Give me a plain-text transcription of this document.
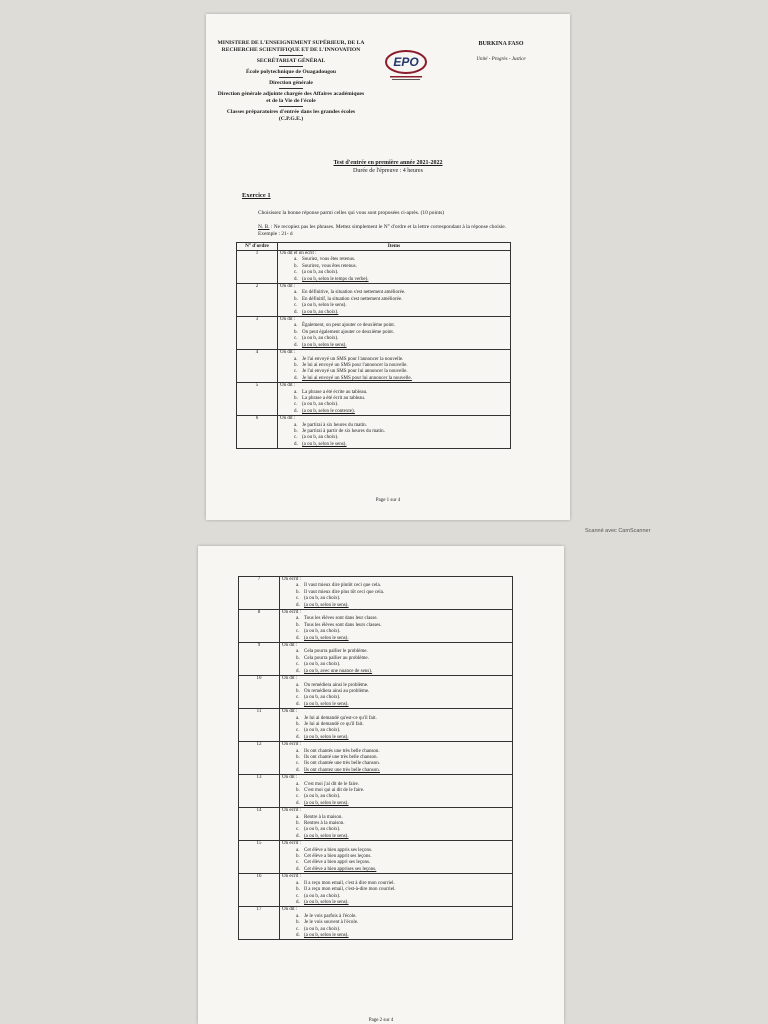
MINISTERE DE L'ENSEIGNEMENT SUPÉRIEUR, DE LA
RECHERCHE SCIENTIFIQUE ET DE L'INNOVATION
SECRÉTARIAT GÉNÉRAL
École polytechnique de Ouagadougou
Direction générale
Direction générale adjointe chargée des Affaires académiques
et de la Vie de l'école
Classes préparatoires d'entrée dans les grandes écoles
(C.P.G.E.)
EPO
BURKINA FASO
Unité - Progrès - Justice
Test d'entrée en première année 2021-2022
Durée de l'épreuve : 4 heures
Exercice 1
Choisissez la bonne réponse parmi celles qui vous sont proposées ci-après. (10 points)
N. B. : Ne recopiez pas les phrases. Mettez simplement le N° d'ordre et la lettre correspondant à la réponse choisie. Exemple : 21- d
N° d'ordre	Items
1	On dit et on écrit :
a. Souriez, vous êtes retenus.
b. Sourirez, vous êtes retenus.
c. (a ou b, au choix).
d. (a ou b, selon le temps du verbe).

2	On dit :
a. En définitive, la situation s'est nettement améliorée.
b. En définitif, la situation s'est nettement améliorée.
c. (a ou b, selon le sens).
d. (a ou b, au choix).

3	On dit :
a. Également, on peut ajouter ce deuxième point.
b. On peut également ajouter ce deuxième point.
c. (a ou b, au choix).
d. (a ou b, selon le sens).

4	On dit :
a. Je l'ai envoyé un SMS pour l'annoncer la nouvelle.
b. Je lui ai envoyé un SMS pour l'annoncer la nouvelle.
c. Je l'ai envoyé un SMS pour lui annoncer la nouvelle.
d. Je lui ai envoyé un SMS pour lui annoncer la nouvelle.

5	On dit :
a. La phrase a été écrite au tableau.
b. La phrase a été écrit au tableau.
c. (a ou b, au choix).
d. (a ou b, selon le contexte).

6	On dit :
a. Je partirai à six heures du matin.
b. Je partirai à partir de six heures du matin.
c. (a ou b, au choix).
d. (a ou b, selon le sens).
Page 1 sur 4
Scanné avec CamScanner
7	On écrit :
a. Il vaut mieux dire plutôt ceci que cela.
b. Il vaut mieux dire plus tôt ceci que cela.
c. (a ou b, au choix).
d. (a ou b, selon le sens).

8	On écrit :
a. Tous les élèves sont dans leur classe.
b. Tous les élèves sont dans leurs classes.
c. (a ou b, au choix).
d. (a ou b, selon le sens).

9	On dit :
a. Cela pourra pallier le problème.
b. Cela pourra pallier au problème.
c. (a ou b, au choix).
d. (a ou b, avec une nuance de sens).

10	On dit :
a. On remédiera ainsi le problème.
b. On remédiera ainsi au problème.
c. (a ou b, au choix).
d. (a ou b, selon le sens).

11	On dit :
a. Je lui ai demandé qu'est-ce qu'il fait.
b. Je lui ai demandé ce qu'il fait.
c. (a ou b, au choix).
d. (a ou b, selon le sens).

12	On écrit :
a. Ils ont chantés une très belle chanson.
b. Ils ont chanté une très belle chanson.
c. Ils ont chantée une très belle chanson.
d. Ils ont chantez une très belle chanson.

13	On dit :
a. C'est moi j'ai dit de le faire.
b. C'est moi qui ai dit de le faire.
c. (a ou b, au choix).
d. (a ou b, selon le sens).

14	On écrit :
a. Rentre à la maison.
b. Rentres à la maison.
c. (a ou b, au choix).
d. (a ou b, selon le sens).

15	On écrit :
a. Cet élève a bien appris ses leçons.
b. Cet élève a bien apprit ses leçons.
c. Cet élève a bien appri ses leçons.
d. Cet élève a bien apprises ses leçons.

16	On écrit :
a. Il a reçu mon email, c'est à dire mon courriel.
b. Il a reçu mon email, c'est-à-dire mon courriel.
c. (a ou b, au choix).
d. (a ou b, selon le sens).

17	On dit :
a. Je le vois parfois à l'école.
b. Je le vois souvent à l'école.
c. (a ou b, au choix).
d. (a ou b, selon le sens).
Page 2 sur 4
